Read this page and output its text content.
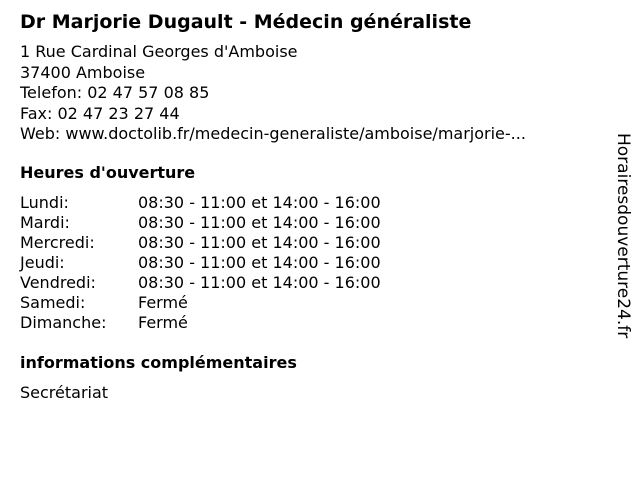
Dr Marjorie Dugault - Médecin généraliste
1 Rue Cardinal Georges d'Amboise
37400 Amboise
Telefon: 02 47 57 08 85
Fax: 02 47 23 27 44
Web: www.doctolib.fr/medecin-generaliste/amboise/marjorie-...
Heures d'ouverture
Lundi:	08:30 - 11:00 et 14:00 - 16:00
Mardi:	08:30 - 11:00 et 14:00 - 16:00
Mercredi:	08:30 - 11:00 et 14:00 - 16:00
Jeudi:	08:30 - 11:00 et 14:00 - 16:00
Vendredi:	08:30 - 11:00 et 14:00 - 16:00
Samedi:	Fermé
Dimanche:	Fermé
informations complémentaires
Secrétariat
Horairesdouverture24.fr
